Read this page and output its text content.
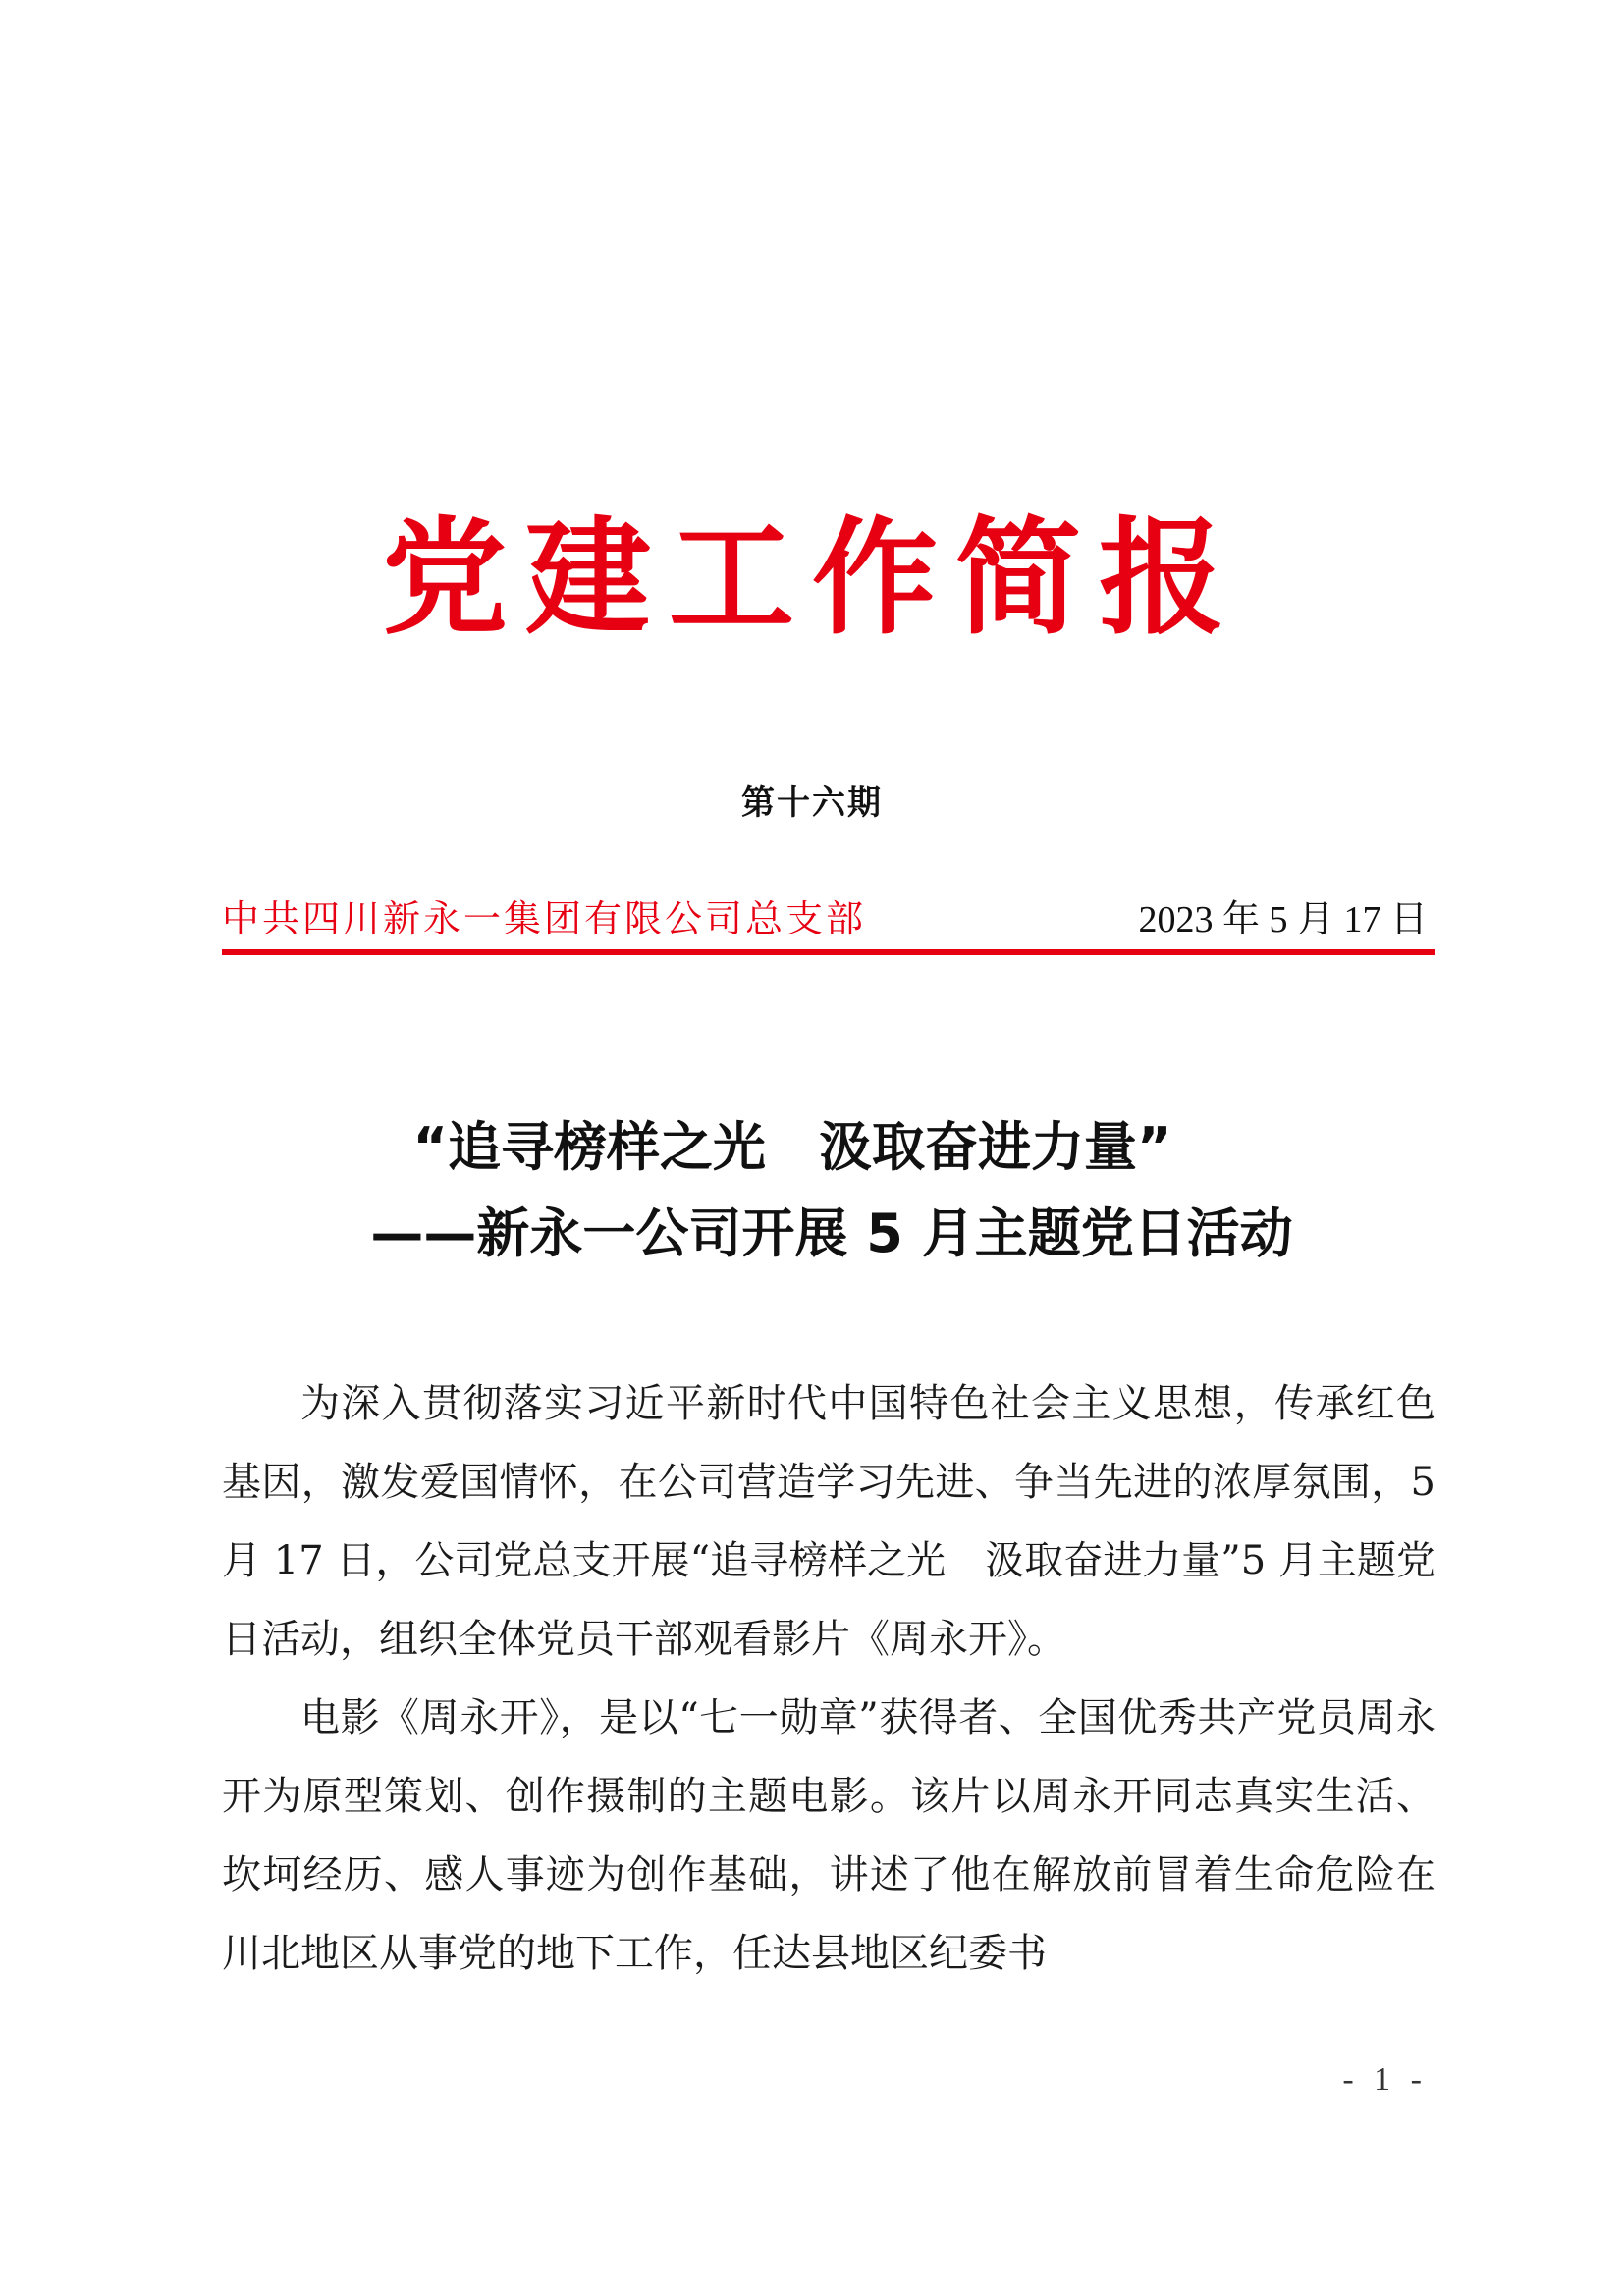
党建工作简报
第十六期
中共四川新永一集团有限公司总支部	2023 年 5 月 17 日
“追寻榜样之光　汲取奋进力量”
——新永一公司开展 5 月主题党日活动

为深入贯彻落实习近平新时代中国特色社会主义思想，传承红色基因，激发爱国情怀，在公司营造学习先进、争当先进的浓厚氛围，5 月 17 日，公司党总支开展“追寻榜样之光　汲取奋进力量”5 月主题党日活动，组织全体党员干部观看影片《周永开》。

电影《周永开》，是以“七一勋章”获得者、全国优秀共产党员周永开为原型策划、创作摄制的主题电影。该片以周永开同志真实生活、坎坷经历、感人事迹为创作基础，讲述了他在解放前冒着生命危险在川北地区从事党的地下工作，任达县地区纪委书

- 1 -
